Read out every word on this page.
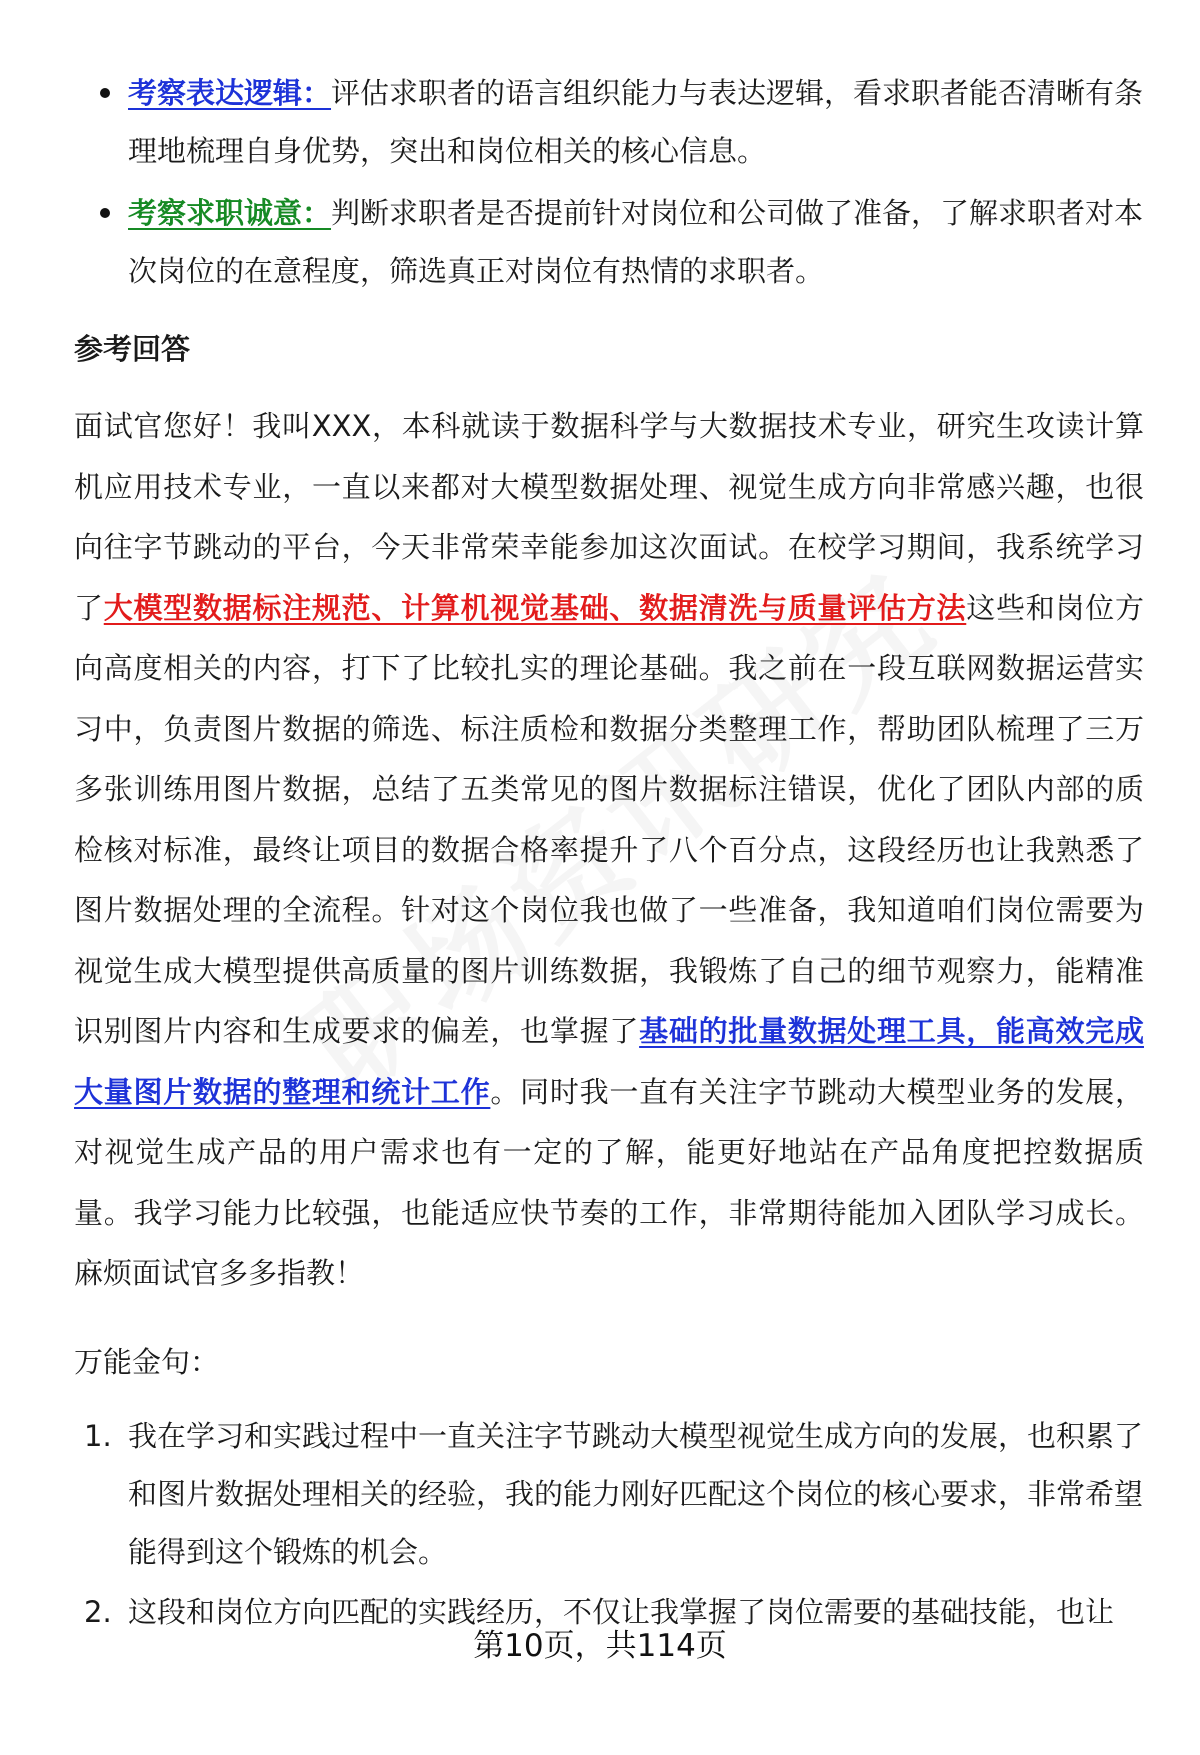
考察表达逻辑：评估求职者的语言组织能力与表达逻辑，看求职者能否清晰有条理地梳理自身优势，突出和岗位相关的核心信息。
考察求职诚意：判断求职者是否提前针对岗位和公司做了准备，了解求职者对本次岗位的在意程度，筛选真正对岗位有热情的求职者。
参考回答

面试官您好！我叫XXX，本科就读于数据科学与大数据技术专业，研究生攻读计算机应用技术专业，一直以来都对大模型数据处理、视觉生成方向非常感兴趣，也很向往字节跳动的平台，今天非常荣幸能参加这次面试。在校学习期间，我系统学习了大模型数据标注规范、计算机视觉基础、数据清洗与质量评估方法这些和岗位方向高度相关的内容，打下了比较扎实的理论基础。我之前在一段互联网数据运营实习中，负责图片数据的筛选、标注质检和数据分类整理工作，帮助团队梳理了三万多张训练用图片数据，总结了五类常见的图片数据标注错误，优化了团队内部的质检核对标准，最终让项目的数据合格率提升了八个百分点，这段经历也让我熟悉了图片数据处理的全流程。针对这个岗位我也做了一些准备，我知道咱们岗位需要为视觉生成大模型提供高质量的图片训练数据，我锻炼了自己的细节观察力，能精准识别图片内容和生成要求的偏差，也掌握了基础的批量数据处理工具，能高效完成大量图片数据的整理和统计工作。同时我一直有关注字节跳动大模型业务的发展，对视觉生成产品的用户需求也有一定的了解，能更好地站在产品角度把控数据质量。我学习能力比较强，也能适应快节奏的工作，非常期待能加入团队学习成长。麻烦面试官多多指教！

万能金句：
1. 我在学习和实践过程中一直关注字节跳动大模型视觉生成方向的发展，也积累了和图片数据处理相关的经验，我的能力刚好匹配这个岗位的核心要求，非常希望能得到这个锻炼的机会。
2. 这段和岗位方向匹配的实践经历，不仅让我掌握了岗位需要的基础技能，也让
第10页，共114页
